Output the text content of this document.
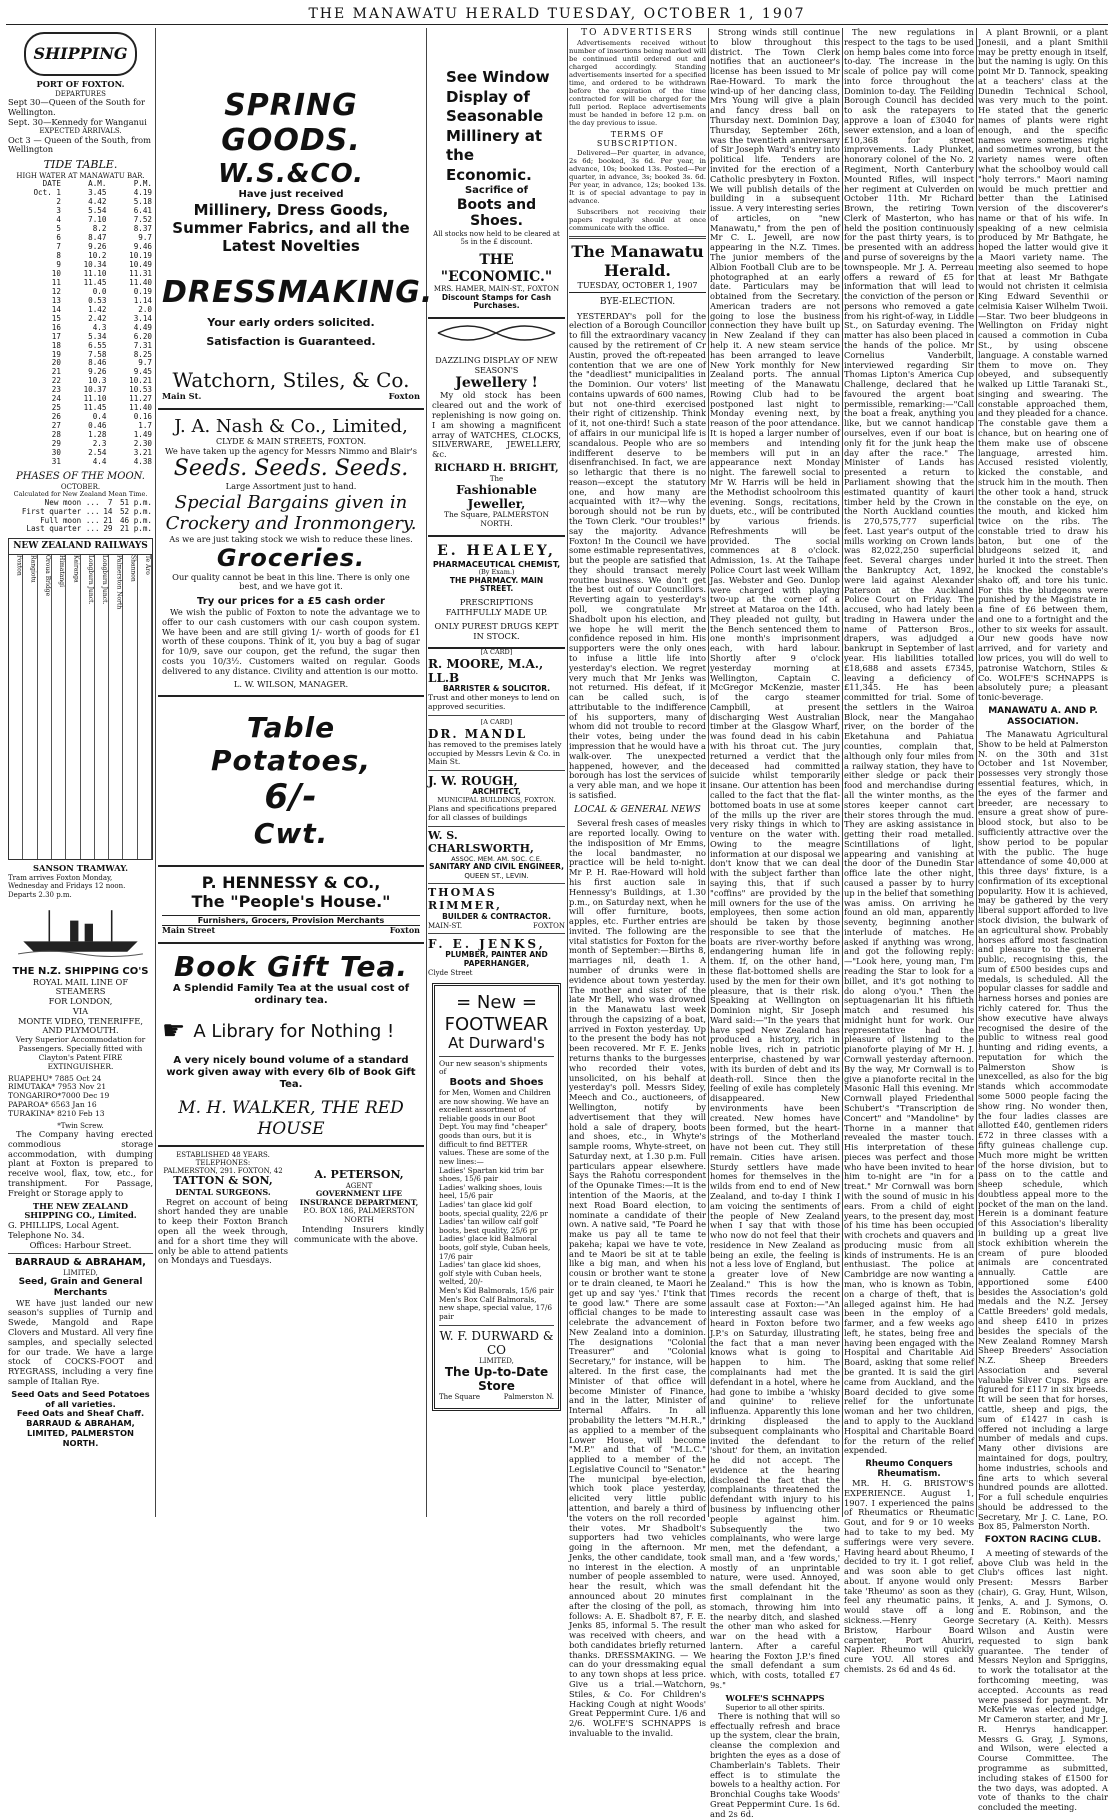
THE MANAWATU HERALD TUESDAY, OCTOBER 1, 1907
SHIPPING
PORT OF FOXTON.
DEPARTURES
Sept 30—Queen of the South for Wellington.
Sept. 30—Kennedy for Wanganui
EXPECTED ARRIVALS.
Oct 3 — Queen of the South, from Wellington
TIDE TABLE.
HIGH WATER AT MANAWATU BAR.
DATE	A.M.	P.M.
Oct. 1	3.45	4.19
2	4.42	5.18
3	5.54	6.41
4	7.10	7.52
5	8.2	8.37
6	8.47	9.7
7	9.26	9.46
8	10.2	10.19
9	10.34	10.49
10	11.10	11.31
11	11.45	11.40
12	0.0	0.19
13	0.53	1.14
14	1.42	2.0
15	2.42	3.14
16	4.3	4.49
17	5.34	6.20
18	6.55	7.31
19	7.58	8.25
20	8.46	9.7
21	9.26	9.45
22	10.3	10.21
23	10.37	10.53
24	11.10	11.27
25	11.45	11.40
26	0.4	0.16
27	0.46	1.7
28	1.28	1.49
29	2.3	2.30
30	2.54	3.21
31	4.4	4.38
PHASES OF THE MOON.
OCTOBER.
Calculated for New Zealand Mean Time.
New moon ...	7	51 p.m.
First quarter ...	14	52 p.m.
Full moon ...	21	46 p.m.
Last quarter ...	29	21 p.m.
NEW ZEALAND RAILWAYS
Foxton	Rangiotu	Oroua Bridge	Himatangi	Kairanga	Longburn Junct.	Longburn Junct.	Palmerston North	Shannon	Te Aro
SANSON TRAMWAY.
Tram arrives Foxton Monday, Wednesday and Fridays 12 noon. Departs 2.30 p.m.
THE N.Z. SHIPPING CO'S
ROYAL MAIL LINE OF
STEAMERS
FOR LONDON,
VIA
MONTE VIDEO, TENERIFFE,
AND PLYMOUTH.
Very Superior Accommodation for Passengers. Specially fitted with Clayton's Patent FIRE EXTINGUISHER.
RUAPEHU* 7885 Oct 24
RIMUTAKA* 7953 Nov 21
TONGARIRO*7000 Dec 19
PAPAROA* 6563 Jan 16
TURAKINA* 8210 Feb 13
*Twin Screw.

The Company having erected commodious storage accommodation, with dumping plant at Foxton is prepared to receive wool, flax, tow, etc., for transhipment. For Passage, Freight or Storage apply to

THE NEW ZEALAND SHIPPING CO., Limited.
G. PHILLIPS, Local Agent. Telephone No. 34.
Offices: Harbour Street.
BARRAUD & ABRAHAM,
LIMITED,
Seed, Grain and General Merchants

WE have just landed our new season's supplies of Turnip and Swede, Mangold and Rape Clovers and Mustard. All very fine samples, and specially selected for our trade. We have a large stock of COCKS-FOOT and RYEGRASS, including a very fine sample of Italian Rye.

Seed Oats and Seed Potatoes of all varieties.
Feed Oats and Sheaf Chaff.
BARRAUD & ABRAHAM, LIMITED, PALMERSTON NORTH.
SPRING GOODS.
W.S.&CO.
Have just received
Millinery, Dress Goods, Summer Fabrics, and all the Latest Novelties
DRESSMAKING.
Your early orders solicited.
Satisfaction is Guaranteed.
Watchorn, Stiles, & Co.
Main St.	Foxton
J. A. Nash & Co., Limited,
CLYDE & MAIN STREETS, FOXTON.
We have taken up the agency for Messrs Nimmo and Blair's
Seeds. Seeds. Seeds.
Large Assortment just to hand.
Special Bargains given in Crockery and Ironmongery.
As we are just taking stock we wish to reduce these lines.
Groceries.
Our quality cannot be beat in this line. There is only one best, and we have got it.
Try our prices for a £5 cash order

We wish the public of Foxton to note the advantage we to offer to our cash customers with our cash coupon system. We have been and are still giving 1/- worth of goods for £1 worth of these coupons. Think of it, you buy a bag of sugar for 10/9, save our coupon, get the refund, the sugar then costs you 10/3½. Customers waited on regular. Goods delivered to any distance. Civility and attention is our motto.

L. W. WILSON, MANAGER.
Table Potatoes,
6/-
Cwt.
P. HENNESSY & CO.,
The "People's House."
Furnishers, Grocers, Provision Merchants
Main Street	Foxton
Book Gift Tea.
A Splendid Family Tea at the usual cost of ordinary tea.
☛ A Library for Nothing !
A very nicely bound volume of a standard work given away with every 6lb of Book Gift Tea.
M. H. WALKER, THE RED HOUSE
ESTABLISHED 48 YEARS.
TELEPHONES:
PALMERSTON, 291. FOXTON, 42
TATTON & SON,
DENTAL SURGEONS.

Regret on account of being short handed they are unable to keep their Foxton Branch open all the week through, and for a short time they will only be able to attend patients on Mondays and Tuesdays.

A. PETERSON,
AGENT
GOVERNMENT LIFE INSURANCE DEPARTMENT,
P.O. BOX 186, PALMERSTON NORTH

Intending Insurers kindly communicate with the above.

See Window Display of Seasonable Millinery at the Economic.
Sacrifice of
Boots and Shoes.
All stocks now held to be cleared at 5s in the £ discount.
THE "ECONOMIC."
MRS. HAMER, MAIN-ST., FOXTON
Discount Stamps for Cash Purchases.
DAZZLING DISPLAY OF NEW SEASON'S
Jewellery !

My old stock has been cleared out and the work of replenishing is now going on. I am showing a magnificent array of WATCHES, CLOCKS, SILVERWARE, JEWELLERY, &c.

RICHARD H. BRIGHT,
The
Fashionable Jeweller,
The Square, PALMERSTON NORTH.
E. HEALEY,
PHARMACEUTICAL CHEMIST,
(By Exam.)
THE PHARMACY. MAIN STREET.
PRESCRIPTIONS FAITHFULLY MADE UP.
ONLY PUREST DRUGS KEPT IN STOCK.
[A CARD]
R. MOORE, M.A., LL.B
BARRISTER & SOLICITOR.
Trust and other moneys to lend on approved securities.
[A CARD]
DR. MANDL
has removed to the premises lately occupied by Messrs Levin & Co. in Main St.
J. W. ROUGH,
ARCHITECT,
MUNICIPAL BUILDINGS, FOXTON.
Plans and specifications prepared for all classes of buildings
W. S. CHARLSWORTH,
ASSOC. MEM. AM. SOC. C.E.
SANITARY AND CIVIL ENGINEER,
QUEEN ST., LEVIN.
THOMAS RIMMER,
BUILDER & CONTRACTOR.
MAIN-ST.	FOXTON
F. E. JENKS,
PLUMBER, PAINTER AND PAPERHANGER,
Clyde Street
= New =
FOOTWEAR
At Durward's
Our new season's shipments of
Boots and Shoes
for Men, Women and Children are now showing. We have an excellent assortment of reliable goods in our Boot Dept. You may find "cheaper" goods than ours, but it is difficult to find BETTER values. These are some of the new lines:—
Ladies' Spartan kid trim bar shoes, 15/6 pair
Ladies' walking shoes, louis heel, 15/6 pair
Ladies' tan glace kid golf boots, special quality, 22/6 pr
Ladies' tan willow calf golf boots, best quality, 25/6 pr
Ladies' glace kid Balmoral boots, golf style, Cuban heels, 17/6 pair
Ladies' tan glace kid shoes, golf style with Cuban heels, welted, 20/-
Men's Kid Balmorals, 15/6 pair
Men's Box Calf Balmorals, new shape, special value, 17/6 pair
W. F. DURWARD & CO
LIMITED,
The Up-to-Date Store
The Square	Palmerston N.
TO ADVERTISERS

Advertisements received without number of insertions being marked will be continued until ordered out and charged accordingly. Standing advertisements inserted for a specified time, and ordered to be withdrawn before the expiration of the time contracted for will be charged for the full period. Replace advertisements must be handed in before 12 p.m. on the day previous to issue.

TERMS OF SUBSCRIPTION.

Delivered—Per quarter, in advance, 2s 6d; booked, 3s 6d. Per year, in advance, 10s; booked 13s. Posted—Per quarter, in advance, 3s; booked 3s. 6d. Per year, in advance, 12s; booked 13s. It is of special advantage to pay in advance.

Subscribers not receiving their papers regularly should at once communicate with the office.

The Manawatu Herald.
TUESDAY, OCTOBER 1, 1907
BYE-ELECTION.

YESTERDAY's poll for the election of a Borough Councillor to fill the extraordinary vacancy caused by the retirement of Cr Austin, proved the oft-repeated contention that we are one of the "deadliest" municipalities in the Dominion. Our voters' list contains upwards of 600 names, but not one-third exercised their right of citizenship. Think of it, not one-third! Such a state of affairs in our municipal life is scandalous. People who are so indifferent deserve to be disenfranchised. In fact, we are so lethargic that there is no reason—except the statutory one, and how many are acquainted with it?—why the borough should not be run by the Town Clerk. "Our troubles!" say the majority. Advance Foxton! In the Council we have some estimable representatives, but the people are satisfied that they should transact merely routine business. We don't get the best out of our Councillors. Reverting again to yesterday's poll, we congratulate Mr Shadbolt upon his election, and we hope he will merit the confidence reposed in him. His supporters were the only ones to infuse a little life into yesterday's election. We regret very much that Mr Jenks was not returned. His defeat, if it can be called such, is attributable to the indifference of his supporters, many of whom did not trouble to record their votes, being under the impression that he would have a walk-over. The unexpected happened, however, and the borough has lost the services of a very able man, and we hope it is satisfied.

LOCAL & GENERAL NEWS

Several fresh cases of measles are reported locally. Owing to the indisposition of Mr Emms, the local bandmaster, no practice will be held to-night. Mr P. H. Rae-Howard will hold his first auction sale in Hennessy's Buildings, at 1.30 p.m., on Saturday next, when he will offer furniture, boots, apples, etc. Further entries are invited. The following are the vital statistics for Foxton for the month of September:—Births 8, marriages nil, death 1. A number of drunks were in evidence about town yesterday. The mother and sister of the late Mr Bell, who was drowned in the Manawatu last week through the capsizing of a boat, arrived in Foxton yesterday. Up to the present the body has not been recovered. Mr F. E. Jenks returns thanks to the burgesses who recorded their votes, unsolicited, on his behalf at yesterday's poll. Messrs Sidey, Meech and Co., auctioneers, of Wellington, notify by advertisement that they will hold a sale of drapery, boots and shoes, etc., in Whyte's sample rooms, Whyte-street, on Saturday next, at 1.30 p.m. Full particulars appear elsewhere. Says the Rahotu correspondent of the Opunake Times:—It is the intention of the Maoris, at the next Road Board election, to nominate a candidate of their own. A native said, "Te Poard he make us pay all te tame te pakeha; kapai we have te vote, and te Maori be sit at te table like a big man, and when his cousin or brother want te stone or te drain cleaned, te Maori he get up and say 'yes.' I'tink that te good law." There are some official changes to be made to celebrate the advancement of New Zealand into a dominion. The designations "Colonial Treasurer" and "Colonial Secretary," for instance, will be altered. In the first case, the Minister of that office will become Minister of Finance, and in the latter, Minister of Internal Affairs. In all probability the letters "M.H.R.," as applied to a member of the Lower House, will become "M.P." and that of "M.L.C." applied to a member of the Legislative Council to "Senator." The municipal bye-election, which took place yesterday, elicited very little public attention, and barely a third of the voters on the roll recorded their votes. Mr Shadbolt's supporters had two vehicles going in the afternoon. Mr Jenks, the other candidate, took no interest in the election. A number of people assembled to hear the result, which was announced about 20 minutes after the closing of the poll, as follows: A. E. Shadbolt 87, F. E. Jenks 85, informal 5. The result was received with cheers, and both candidates briefly returned thanks. DRESSMAKING. — We can do your dressmaking equal to any town shops at less price. Give us a trial.—Watchorn, Stiles, & Co. For Children's Hacking Cough at night Woods' Great Peppermint Cure. 1/6 and 2/6. WOLFE'S SCHNAPPS is invaluable to the invalid.

Strong winds still continue to blow throughout this district. The Town Clerk notifies that an auctioneer's license has been issued to Mr Rae-Howard. To mark the wind-up of her dancing class, Mrs Young will give a plain and fancy dress ball on Thursday next. Dominion Day, Thursday, September 26th, was the twentieth anniversary of Sir Joseph Ward's entry into political life. Tenders are invited for the erection of a Catholic presbytery in Foxton. We will publish details of the building in a subsequent issue. A very interesting series of articles, on "new Manawatu," from the pen of Mr C. L. Jewell, are now appearing in the N.Z. Times. The junior members of the Albion Football Club are to be photographed at an early date. Particulars may be obtained from the Secretary. American traders are not going to lose the business connection they have built up in New Zealand if they can help it. A new steam service has been arranged to leave New York monthly for New Zealand ports. The annual meeting of the Manawatu Rowing Club had to be postponed last night to Monday evening next, by reason of the poor attendance. It is hoped a larger number of members and intending members will put in an appearance next Monday night. The farewell social to Mr W. Harris will be held in the Methodist schoolroom this evening. Songs, recitations, duets, etc., will be contributed by various friends. Refreshments will be provided. The social commences at 8 o'clock. Admission, 1s. At the Taihape Police Court last week William Jas. Webster and Geo. Dunlop were charged with playing two-up at the corner of a street at Mataroa on the 14th. They pleaded not guilty, but the Bench sentenced them to one month's imprisonment each, with hard labour. Shortly after 9 o'clock yesterday morning at Wellington, Captain C. McGregor McKenzie, master of the cargo steamer Campbill, at present discharging West Australian timber at the Glasgow Wharf, was found dead in his cabin with his throat cut. The jury returned a verdict that the deceased had committed suicide whilst temporarily insane. Our attention has been called to the fact that the flat-bottomed boats in use at some of the mills up the river are very risky things in which to venture on the water with. Owing to the meagre information at our disposal we don't know that we can deal with the subject farther than saying this, that if such "coffins" are provided by the mill owners for the use of the employees, then some action should be taken by those responsible to see that the boats are river-worthy before endangering human life in them. If, on the other hand, these flat-bottomed shells are used by the men for their own pleasure, that is their risk. Speaking at Wellington on Dominion night, Sir Joseph Ward said:—"In the years that have sped New Zealand has produced a history, rich in noble lives, rich in patriotic enterprise, chastened by war with its burden of debt and its death-roll. Since then the feeling of exile has completely disappeared. New environments have been created. New homes have been formed, but the heart-strings of the Motherland have not been cut. They still remain. Cities have arisen. Sturdy settlers have made homes for themselves in the wilds from end to end of New Zealand, and to-day I think I am voicing the sentiments of the people of New Zealand when I say that with those who now do not feel that their residence in New Zealand as being an exile, the feeling is not a less love of England, but a greater love of New Zealand." This is how the Times records the recent assault case at Foxton:—"An interesting assault case was heard in Foxton before two J.P.'s on Saturday, illustrating the fact that a man never knows what is going to happen to him. The complainants had met the defendant in a hotel, where he had gone to imbibe a 'whisky and quinine' to relieve influenza. Apparently this lone drinking displeased the subsequent complainants who invited the defendant to 'shout' for them, an invitation he did not accept. The evidence at the hearing disclosed the fact that the complainants threatened the defendant with injury to his business by influencing other people against him. Subsequently the two complainants, who were large men, met the defendant, a small man, and a 'few words,' mostly of an unprintable nature, were used. Annoyed, the small defendant hit the first complainant in the stomach, throwing him into the nearby ditch, and slashed the other man who asked for war on the head with a lantern. After a careful hearing the Foxton J.P.'s fined the small defendant a sum which, with costs, totalled £7 9s."

WOLFE'S SCHNAPPS
Superior to all other spirits.

There is nothing that will so effectually refresh and brace up the system, clear the brain, cleanse the complexion and brighten the eyes as a dose of Chamberlain's Tablets. Their effect is to stimulate the bowels to a healthy action. For Bronchial Coughs take Woods' Great Peppermint Cure. 1s 6d. and 2s 6d.

The new regulations in respect to the tags to be used on hemp bales come into force to-day. The increase in the scale of police pay will come into force throughout the Dominion to-day. The Feilding Borough Council has decided to ask the ratepayers to approve a loan of £3040 for sewer extension, and a loan of £10,368 for street improvements. Lady Plunket, honorary colonel of the No. 2 Regiment, North Canterbury Mounted Rifles, will inspect her regiment at Culverden on October 11th. Mr Richard Brown, the retiring Town Clerk of Masterton, who has held the position continuously for the past thirty years, is to be presented with an address and purse of sovereigns by the townspeople. Mr J. A. Perreau offers a reward of £5 for information that will lead to the conviction of the person or persons who removed a gate from his right-of-way, in Liddle St., on Saturday evening. The matter has also been placed in the hands of the police. Mr Cornelius Vanderbilt, interviewed regarding Sir Thomas Lipton's America Cup Challenge, declared that he favoured the argent boat permissible, remarking:—"Call the boat a freak, anything you like, but we cannot handicap ourselves, even if our boat is only fit for the junk heap the day after the race." The Minister of Lands has presented a return to Parliament showing that the estimated quantity of kauri timber held by the Crown in the North Auckland counties is 270,575,777 superficial feet. Last year's output of the mills working on Crown lands was 82,022,250 superficial feet. Several charges under the Bankruptcy Act, 1892, were laid against Alexander Paterson at the Auckland Police Court on Friday. The accused, who had lately been trading in Hawera under the name of Patterson Bros., drapers, was adjudged a bankrupt in September of last year. His liabilities totalled £18,688 and assets £7345, leaving a deficiency of £11,345. He has been committed for trial. Some of the settlers in the Wairoa Block, near the Mangahao river, on the border of the Eketahuna and Pahiatua counties, complain that, although only four miles from a railway station, they have to either sledge or pack their food and merchandise during all the winter months, as the stores keeper cannot cart their stores through the mud. They are asking assistance in getting their road metalled. Scintillations of light, appearing and vanishing at the door of the Dunedin Star office late the other night, caused a passer by to hurry up in the belief that something was amiss. On arriving he found an old man, apparently seventy, beginning another interlude of matches. He asked if anything was wrong, and got the following reply:—"Look here, young man, I'm reading the Star to look for a billet, and it's got nothing to do along o'you." Then the septuagenarian lit his fiftieth match and resumed his midnight hunt for work. Our representative had the pleasure of listening to the pianoforte playing of Mr H. J. Cornwall yesterday afternoon. By the way, Mr Cornwall is to give a pianoforte recital in the Masonic Hall this evening. Mr Cornwall played Friedenthal Schubert's "Transcription de Concert" and "Mandoline" by Thorne in a manner that revealed the master touch. His interpretation of these pieces was perfect and those who have been invited to hear him to-night are "in for a treat." Mr Cornwall was born with the sound of music in his ears. From a child of eight years, to the present day, most of his time has been occupied with crochets and quavers and producing music from all kinds of instruments. He is an enthusiast. The police at Cambridge are now wanting a man, who is known as Tobin, on a charge of theft, that is alleged against him. He had been in the employ of a farmer, and a few weeks ago left, he states, being free and having been engaged with the Hospital and Charitable Aid Board, asking that some relief be granted. It is said the girl came from Auckland, and the Board decided to give some relief for the unfortunate woman and her two children, and to apply to the Auckland Hospital and Charitable Board for the return of the relief expended.

Rheumo Conquers Rheumatism.

MR. H. G. BRISTOW'S EXPERIENCE. August 1, 1907. I experienced the pains of Rheumatics or Rheumatic Gout, and for 9 or 10 weeks had to take to my bed. My sufferings were very severe. Having heard about Rheumo, I decided to try it. I got relief, and was soon able to get about. If anyone would only take 'Rheumo' as soon as they feel any rheumatic pains, it would stave off a long sickness.—Henry George Bristow, Harbour Board carpenter, Port Ahuriri, Napier. Rheumo will quickly cure YOU. All stores and chemists. 2s 6d and 4s 6d.

A plant Brownii, or a plant Jonesii, and a plant Smithii may be pretty enough in itself, but the naming is ugly. On this point Mr D. Tannock, speaking at a teachers' class at the Dunedin Technical School, was very much to the point. He stated that the generic names of plants were right enough, and the specific names were sometimes right and sometimes wrong, but the variety names were often what the schoolboy would call "holy terrors." Maori naming would be much prettier and better than the Latinised version of the discoverer's name or that of his wife. In speaking of a new celmisia produced by Mr Bathgate, he hoped the latter would give it a Maori variety name. The meeting also seemed to hope that at least Mr Bathgate would not christen it celmisia King Edward Seventhii or celmisia Kaiser Wilhelm Twoii.—Star. Two beer bludgeons in Wellington on Friday night caused a commotion in Cuba St., by using obscene language. A constable warned them to move on. They obeyed, and subsequently walked up Little Taranaki St., singing and swearing. The constable approached them, and they pleaded for a chance. The constable gave them a chance, but on hearing one of them make use of obscene language, arrested him. Accused resisted violently, kicked the constable, and struck him in the mouth. Then the other took a hand, struck the constable on the eye, on the mouth, and kicked him twice on the ribs. The constable tried to draw his baton, but one of the bludgeons seized it, and hurled it into the street. Then he knocked the constable's shako off, and tore his tunic. For this the bludgeons were punished by the Magistrate in a fine of £6 between them, and one to a fortnight and the other to six weeks for assault. Our new goods have now arrived, and for variety and low prices, you will do well to patronise Watchorn, Stiles & Co. WOLFE'S SCHNAPPS is absolutely pure; a pleasant tonic-beverage.

MANAWATU A. AND P. ASSOCIATION.

The Manawatu Agricultural Show to be held at Palmerston N. on the 30th and 31st October and 1st November, possesses very strongly those essential features, which, in the eyes of the farmer and breeder, are necessary to ensure a great show of pure-blood stock, but also to be sufficiently attractive over the show period to be popular with the public. The huge attendance of some 40,000 at this three days' fixture, is a confirmation of its exceptional popularity. How it is achieved, may be gathered by the very liberal support afforded to live stock division, the bulwark of an agricultural show. Probably horses afford most fascination and pleasure to the general public, recognising this, the sum of £500 besides cups and medals, is scheduled. All the popular classes for saddle and harness horses and ponies are richly catered for. Thus the show executive have always recognised the desire of the public to witness real good hunting and riding events, a reputation for which the Palmerston Show is unexcelled, as also for the big stands which accommodate some 5000 people facing the show ring. No wonder then, the four ladies classes are allotted £40, gentlemen riders £72 in three classes with a fifty guineas challenge cup. Much more might be written of the horse division, but to pass on to the cattle and sheep schedule, which doubtless appeal more to the pocket of the man on the land. Herein is a dominant feature of this Association's liberality in building up a great live stock exhibition wherein the cream of pure blooded animals are concentrated annually. Cattle are apportioned some £400 besides the Association's gold medals and the N.Z. Jersey Cattle Breeders' gold medals, and sheep £410 in prizes besides the specials of the New Zealand Romney Marsh Sheep Breeders' Association N.Z. Sheep Breeders Association and several valuable Silver Cups. Pigs are figured for £117 in six breeds. It will be seen that for horses, cattle, sheep and pigs, the sum of £1427 in cash is offered not including a large number of medals and cups. Many other divisions are maintained for dogs, poultry, home industries, schools and fine arts to which several hundred pounds are allotted. For a full schedule enquiries should be addressed to the Secretary, Mr J. C. Lane, P.O. Box 85, Palmerston North.

FOXTON RACING CLUB.

A meeting of stewards of the above Club was held in the Club's offices last night. Present: Messrs Barber (chair), G. Gray, Hunt, Wilson, Jenks, A. and J. Symons, O. and E. Robinson, and the Secretary (A. Keith). Messrs Wilson and Austin were requested to sign bank guarantee. The tender of Messrs Neylon and Spriggins, to work the totalisator at the forthcoming meeting, was accepted. Accounts as read were passed for payment. Mr McKelvie was elected judge, Mr Cameron starter, and Mr J. R. Henrys handicapper. Messrs G. Gray, J. Symons, and Wilson, were elected a Course Committee. The programme as submitted, including stakes of £1500 for the two days, was adopted. A vote of thanks to the chair concluded the meeting.
